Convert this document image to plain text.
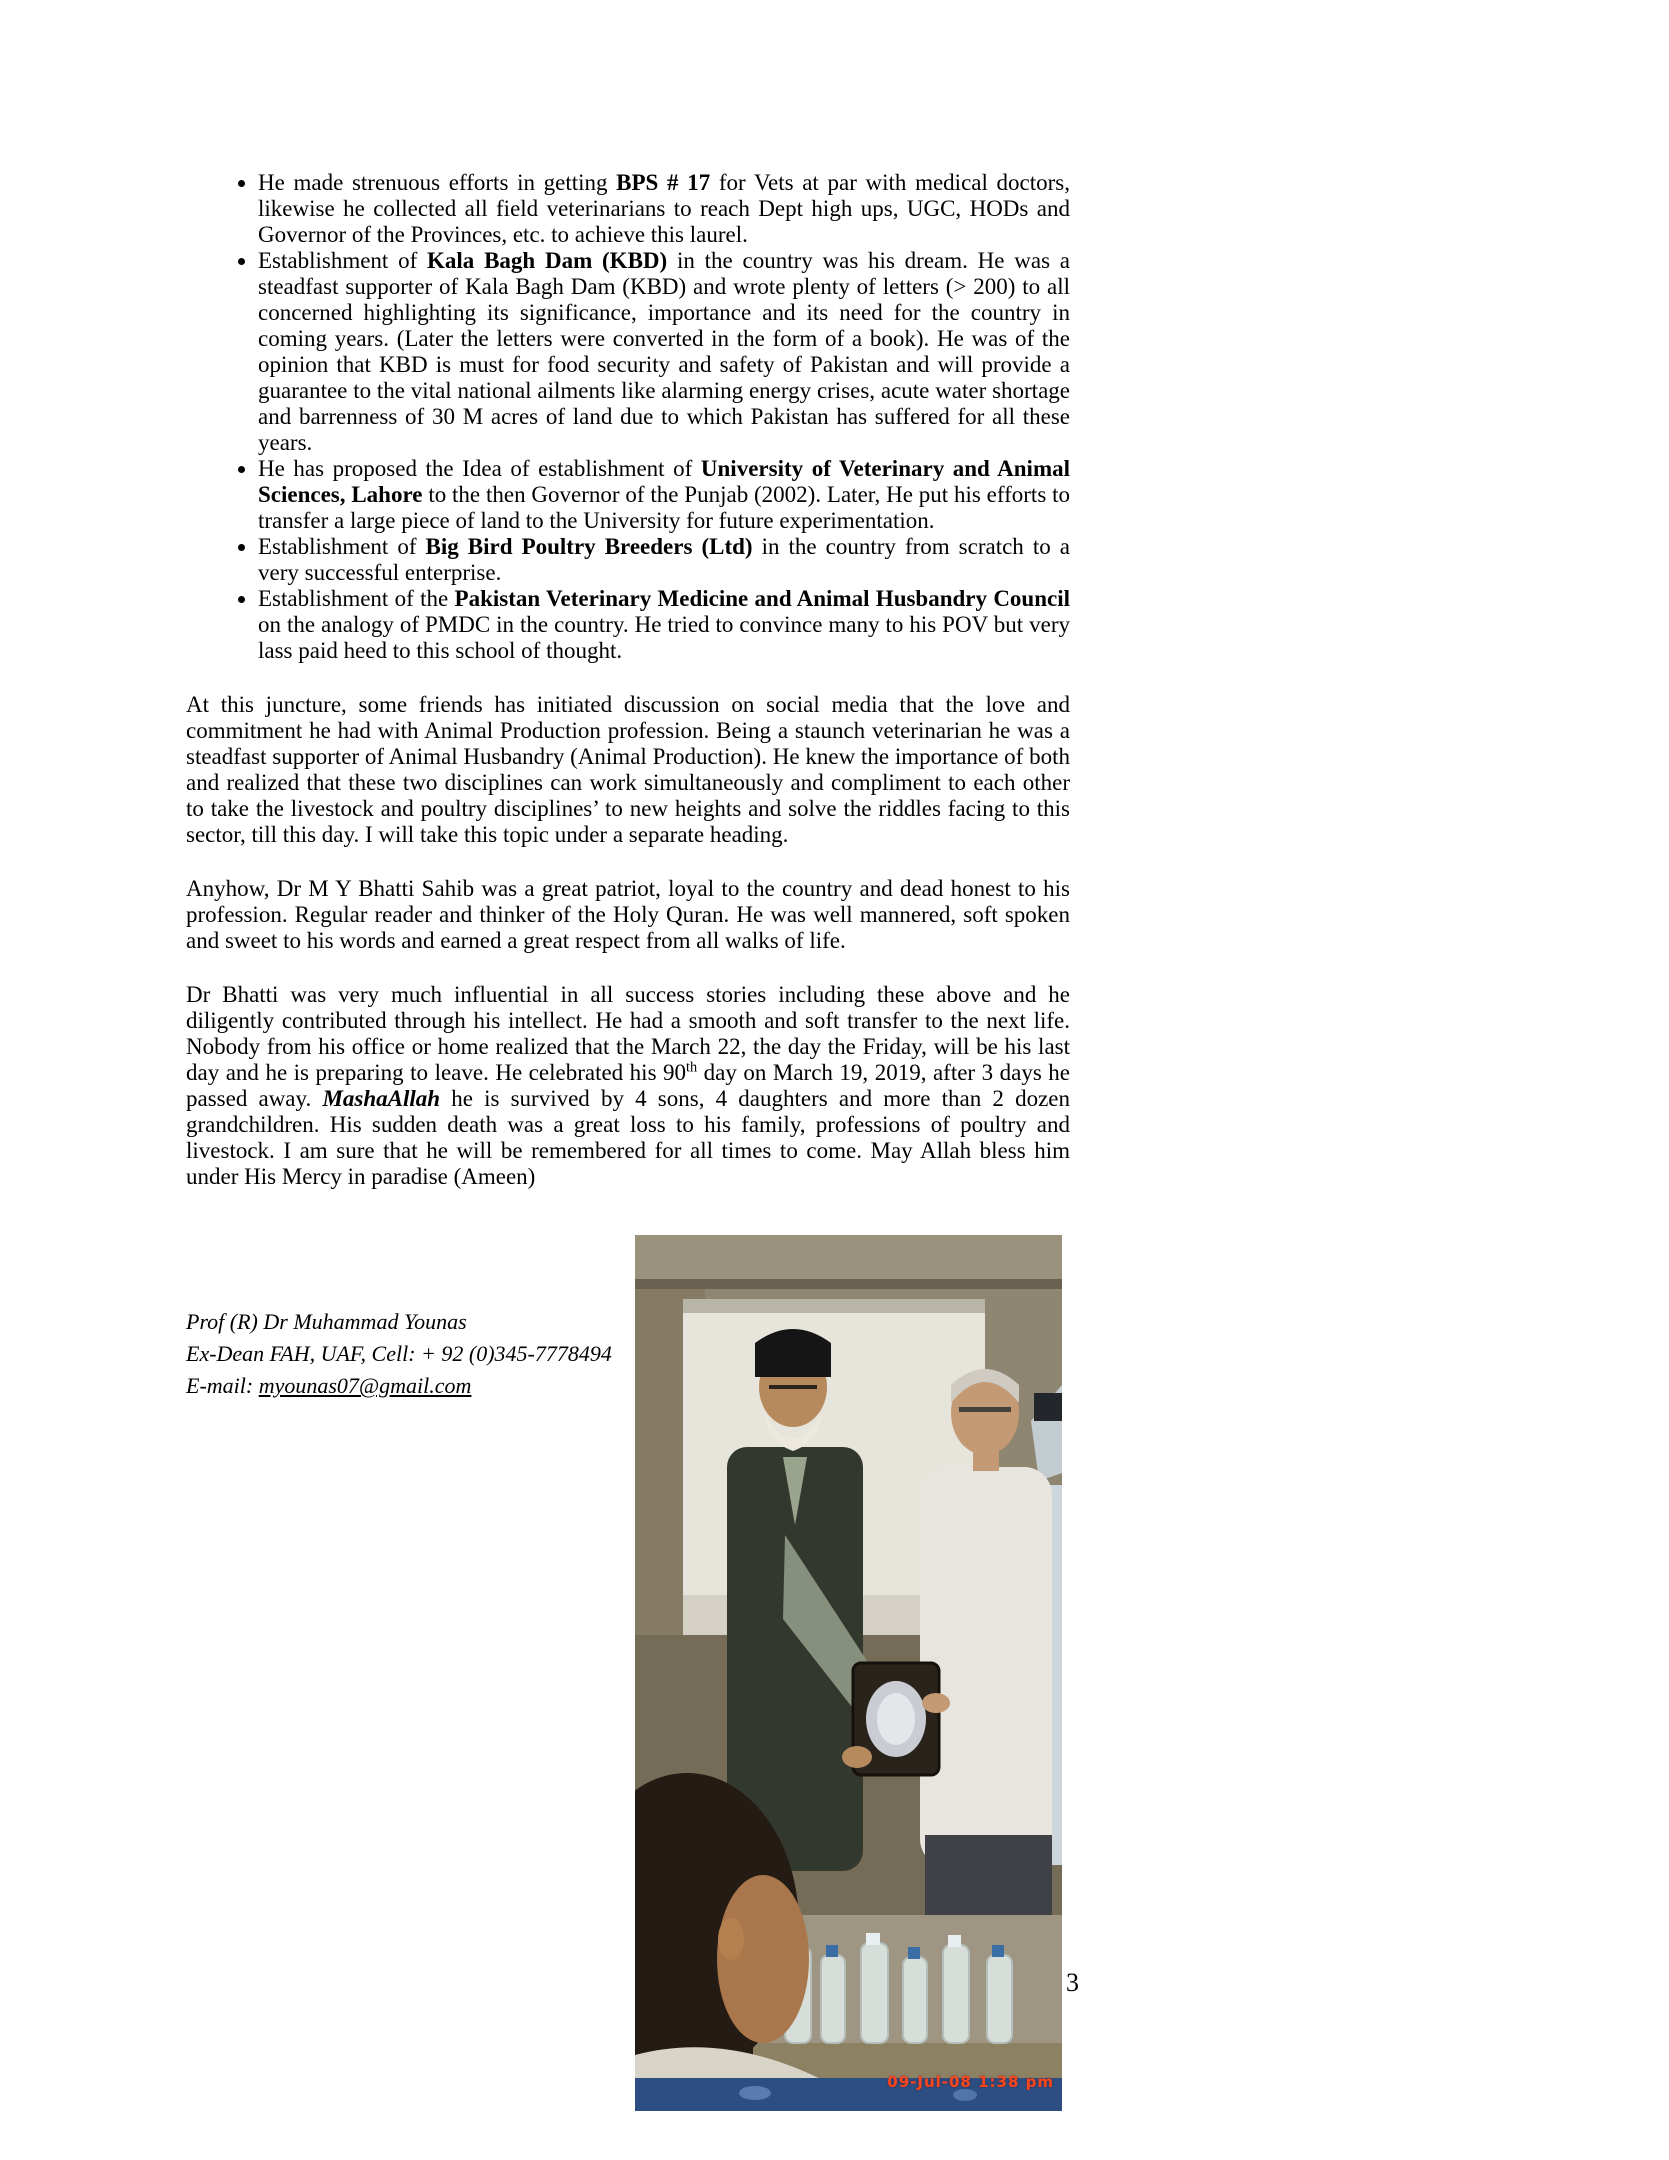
• He made strenuous efforts in getting BPS # 17 for Vets at par with medical doctors, likewise he collected all field veterinarians to reach Dept high ups, UGC, HODs and Governor of the Provinces, etc. to achieve this laurel.
• Establishment of Kala Bagh Dam (KBD) in the country was his dream. He was a steadfast supporter of Kala Bagh Dam (KBD) and wrote plenty of letters (> 200) to all concerned highlighting its significance, importance and its need for the country in coming years. (Later the letters were converted in the form of a book). He was of the opinion that KBD is must for food security and safety of Pakistan and will provide a guarantee to the vital national ailments like alarming energy crises, acute water shortage and barrenness of 30 M acres of land due to which Pakistan has suffered for all these years.
• He has proposed the Idea of establishment of University of Veterinary and Animal Sciences, Lahore to the then Governor of the Punjab (2002). Later, He put his efforts to transfer a large piece of land to the University for future experimentation.
• Establishment of Big Bird Poultry Breeders (Ltd) in the country from scratch to a very successful enterprise.
• Establishment of the Pakistan Veterinary Medicine and Animal Husbandry Council on the analogy of PMDC in the country. He tried to convince many to his POV but very lass paid heed to this school of thought.

At this juncture, some friends has initiated discussion on social media that the love and commitment he had with Animal Production profession. Being a staunch veterinarian he was a steadfast supporter of Animal Husbandry (Animal Production). He knew the importance of both and realized that these two disciplines can work simultaneously and compliment to each other to take the livestock and poultry disciplines’ to new heights and solve the riddles facing to this sector, till this day. I will take this topic under a separate heading.

Anyhow, Dr M Y Bhatti Sahib was a great patriot, loyal to the country and dead honest to his profession. Regular reader and thinker of the Holy Quran. He was well mannered, soft spoken and sweet to his words and earned a great respect from all walks of life.

Dr Bhatti was very much influential in all success stories including these above and he diligently contributed through his intellect. He had a smooth and soft transfer to the next life. Nobody from his office or home realized that the March 22, the day the Friday, will be his last day and he is preparing to leave. He celebrated his 90th day on March 19, 2019, after 3 days he passed away. MashaAllah he is survived by 4 sons, 4 daughters and more than 2 dozen grandchildren. His sudden death was a great loss to his family, professions of poultry and livestock. I am sure that he will be remembered for all times to come. May Allah bless him under His Mercy in paradise (Ameen)

Prof (R) Dr Muhammad Younas
Ex-Dean FAH, UAF, Cell: + 92 (0)345-7778494
E-mail: myounas07@gmail.com
3
09-Jul-08 1:38 pm
